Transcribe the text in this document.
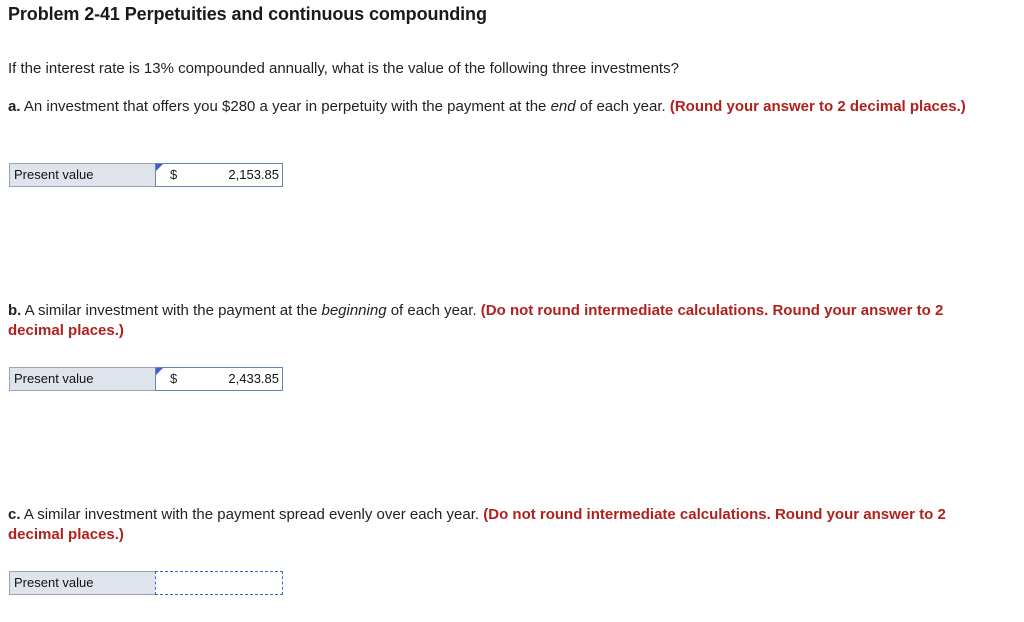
Problem 2-41 Perpetuities and continuous compounding
If the interest rate is 13% compounded annually, what is the value of the following three investments?
a. An investment that offers you $280 a year in perpetuity with the payment at the end of each year. (Round your answer to 2 decimal places.)
Present value	$	2,153.85
b. A similar investment with the payment at the beginning of each year. (Do not round intermediate calculations. Round your answer to 2 decimal places.)
Present value	$	2,433.85
c. A similar investment with the payment spread evenly over each year. (Do not round intermediate calculations. Round your answer to 2 decimal places.)
Present value
